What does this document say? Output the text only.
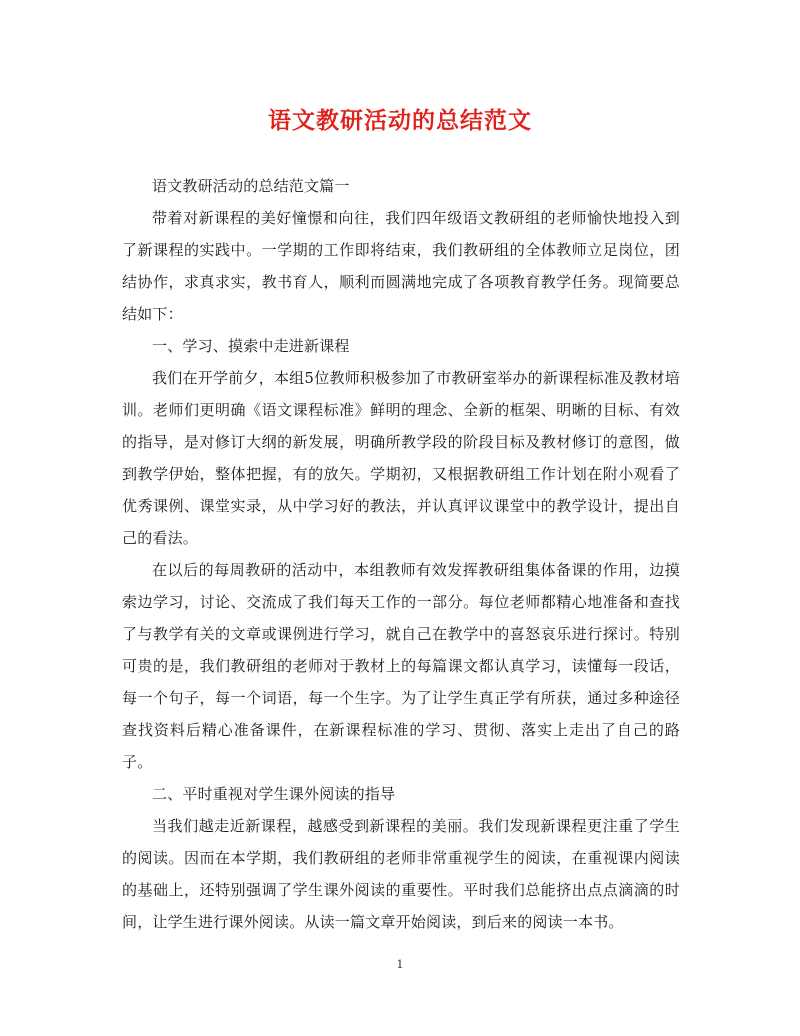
语文教研活动的总结范文

语文教研活动的总结范文篇一

带着对新课程的美好憧憬和向往，我们四年级语文教研组的老师愉快地投入到了新课程的实践中。一学期的工作即将结束，我们教研组的全体教师立足岗位，团结协作，求真求实，教书育人，顺利而圆满地完成了各项教育教学任务。现简要总结如下：

一、学习、摸索中走进新课程

我们在开学前夕，本组5位教师积极参加了市教研室举办的新课程标准及教材培训。老师们更明确《语文课程标准》鲜明的理念、全新的框架、明晰的目标、有效的指导，是对修订大纲的新发展，明确所教学段的阶段目标及教材修订的意图，做到教学伊始，整体把握，有的放矢。学期初，又根据教研组工作计划在附小观看了优秀课例、课堂实录，从中学习好的教法，并认真评议课堂中的教学设计，提出自己的看法。

在以后的每周教研的活动中，本组教师有效发挥教研组集体备课的作用，边摸索边学习，讨论、交流成了我们每天工作的一部分。每位老师都精心地准备和查找了与教学有关的文章或课例进行学习，就自己在教学中的喜怒哀乐进行探讨。特别可贵的是，我们教研组的老师对于教材上的每篇课文都认真学习，读懂每一段话，每一个句子，每一个词语，每一个生字。为了让学生真正学有所获，通过多种途径查找资料后精心准备课件，在新课程标准的学习、贯彻、落实上走出了自己的路子。

二、平时重视对学生课外阅读的指导

当我们越走近新课程，越感受到新课程的美丽。我们发现新课程更注重了学生的阅读。因而在本学期，我们教研组的老师非常重视学生的阅读，在重视课内阅读的基础上，还特别强调了学生课外阅读的重要性。平时我们总能挤出点点滴滴的时间，让学生进行课外阅读。从读一篇文章开始阅读，到后来的阅读一本书。

1
